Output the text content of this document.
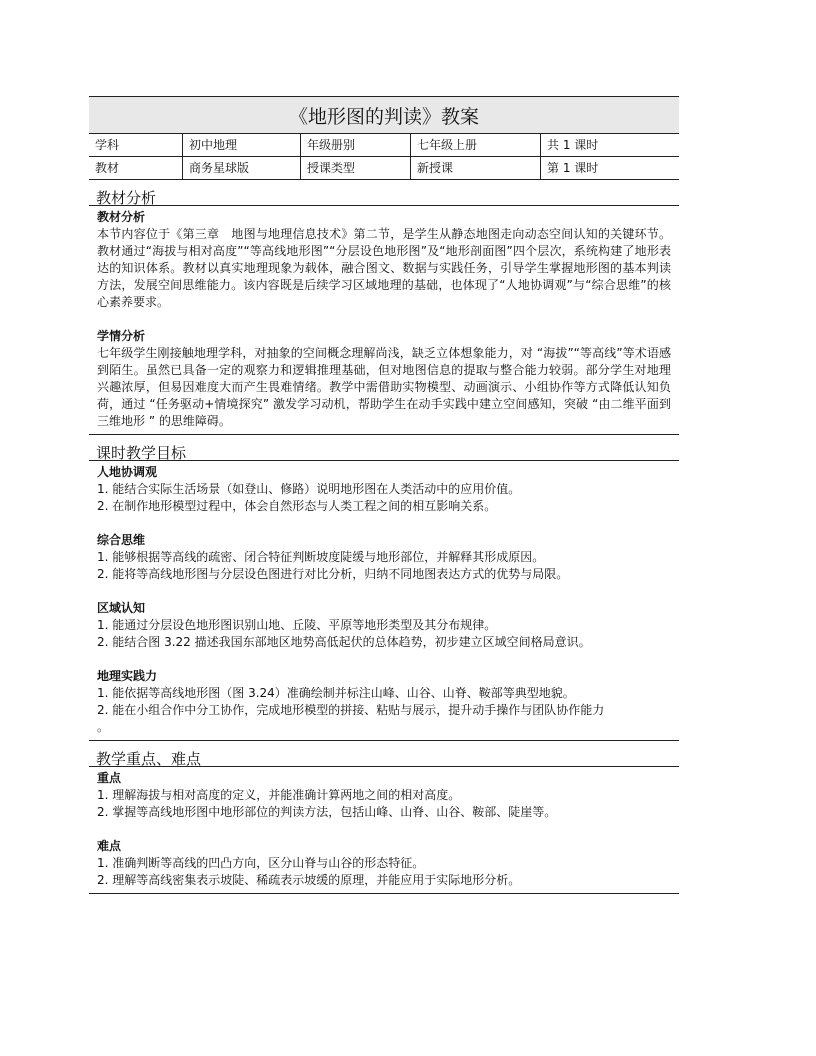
《地形图的判读》教案
学科	初中地理	年级册别	七年级上册	共 1 课时
教材	商务星球版	授课类型	新授课	第 1 课时
教材分析
教材分析
本节内容位于《第三章　地图与地理信息技术》第二节，是学生从静态地图走向动态空间认知的关键环节。教材通过“海拔与相对高度”“等高线地形图”“分层设色地形图”及“地形剖面图”四个层次，系统构建了地形表达的知识体系。教材以真实地理现象为载体，融合图文、数据与实践任务，引导学生掌握地形图的基本判读方法，发展空间思维能力。该内容既是后续学习区域地理的基础，也体现了“人地协调观”与“综合思维”的核心素养要求。
学情分析
七年级学生刚接触地理学科，对抽象的空间概念理解尚浅，缺乏立体想象能力，对 “海拔”“等高线”等术语感到陌生。虽然已具备一定的观察力和逻辑推理基础，但对地图信息的提取与整合能力较弱。部分学生对地理兴趣浓厚，但易因难度大而产生畏难情绪。教学中需借助实物模型、动画演示、小组协作等方式降低认知负荷，通过 “任务驱动+情境探究” 激发学习动机，帮助学生在动手实践中建立空间感知，突破 “由二维平面到三维地形 ” 的思维障碍。
课时教学目标
人地协调观
1. 能结合实际生活场景（如登山、修路）说明地形图在人类活动中的应用价值。
2. 在制作地形模型过程中，体会自然形态与人类工程之间的相互影响关系。
综合思维
1. 能够根据等高线的疏密、闭合特征判断坡度陡缓与地形部位，并解释其形成原因。
2. 能将等高线地形图与分层设色图进行对比分析，归纳不同地图表达方式的优势与局限。
区域认知
1. 能通过分层设色地形图识别山地、丘陵、平原等地形类型及其分布规律。
2. 能结合图 3.22 描述我国东部地区地势高低起伏的总体趋势，初步建立区域空间格局意识。
地理实践力
1. 能依据等高线地形图（图 3.24）准确绘制并标注山峰、山谷、山脊、鞍部等典型地貌。
2. 能在小组合作中分工协作，完成地形模型的拼接、粘贴与展示，提升动手操作与团队协作能力
。
教学重点、难点
重点
1. 理解海拔与相对高度的定义，并能准确计算两地之间的相对高度。
2. 掌握等高线地形图中地形部位的判读方法，包括山峰、山脊、山谷、鞍部、陡崖等。
难点
1. 准确判断等高线的凹凸方向，区分山脊与山谷的形态特征。
2. 理解等高线密集表示坡陡、稀疏表示坡缓的原理，并能应用于实际地形分析。
